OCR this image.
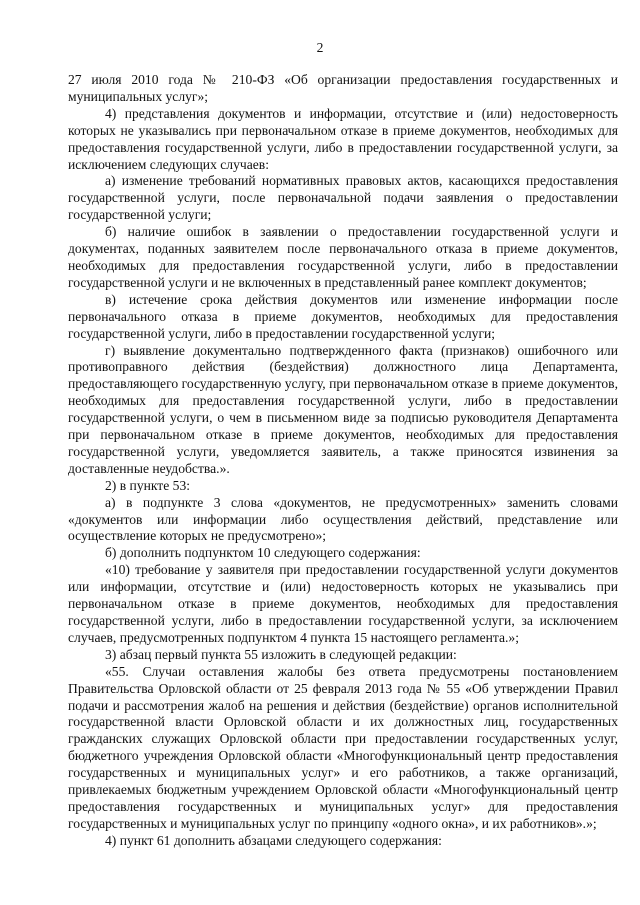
2

27 июля 2010 года № 210-ФЗ «Об организации предоставления государственных и муниципальных услуг»;

4) представления документов и информации, отсутствие и (или) недостоверность которых не указывались при первоначальном отказе в приеме документов, необходимых для предоставления государственной услуги, либо в предоставлении государственной услуги, за исключением следующих случаев:

а) изменение требований нормативных правовых актов, касающихся предоставления государственной услуги, после первоначальной подачи заявления о предоставлении государственной услуги;

б) наличие ошибок в заявлении о предоставлении государственной услуги и документах, поданных заявителем после первоначального отказа в приеме документов, необходимых для предоставления государственной услуги, либо в предоставлении государственной услуги и не включенных в представленный ранее комплект документов;

в) истечение срока действия документов или изменение информации после первоначального отказа в приеме документов, необходимых для предоставления государственной услуги, либо в предоставлении государственной услуги;

г) выявление документально подтвержденного факта (признаков) ошибочного или противоправного действия (бездействия) должностного лица Департамента, предоставляющего государственную услугу, при первоначальном отказе в приеме документов, необходимых для предоставления государственной услуги, либо в предоставлении государственной услуги, о чем в письменном виде за подписью руководителя Департамента при первоначальном отказе в приеме документов, необходимых для предоставления государственной услуги, уведомляется заявитель, а также приносятся извинения за доставленные неудобства.».

2) в пункте 53:

а) в подпункте 3 слова «документов, не предусмотренных» заменить словами «документов или информации либо осуществления действий, представление или осуществление которых не предусмотрено»;

б) дополнить подпунктом 10 следующего содержания:

«10) требование у заявителя при предоставлении государственной услуги документов или информации, отсутствие и (или) недостоверность которых не указывались при первоначальном отказе в приеме документов, необходимых для предоставления государственной услуги, либо в предоставлении государственной услуги, за исключением случаев, предусмотренных подпунктом 4 пункта 15 настоящего регламента.»;

3) абзац первый пункта 55 изложить в следующей редакции:

«55. Случаи оставления жалобы без ответа предусмотрены постановлением Правительства Орловской области от 25 февраля 2013 года № 55 «Об утверждении Правил подачи и рассмотрения жалоб на решения и действия (бездействие) органов исполнительной государственной власти Орловской области и их должностных лиц, государственных гражданских служащих Орловской области при предоставлении государственных услуг, бюджетного учреждения Орловской области «Многофункциональный центр предоставления государственных и муниципальных услуг» и его работников, а также организаций, привлекаемых бюджетным учреждением Орловской области «Многофункциональный центр предоставления государственных и муниципальных услуг» для предоставления государственных и муниципальных услуг по принципу «одного окна», и их работников».»;

4) пункт 61 дополнить абзацами следующего содержания:
